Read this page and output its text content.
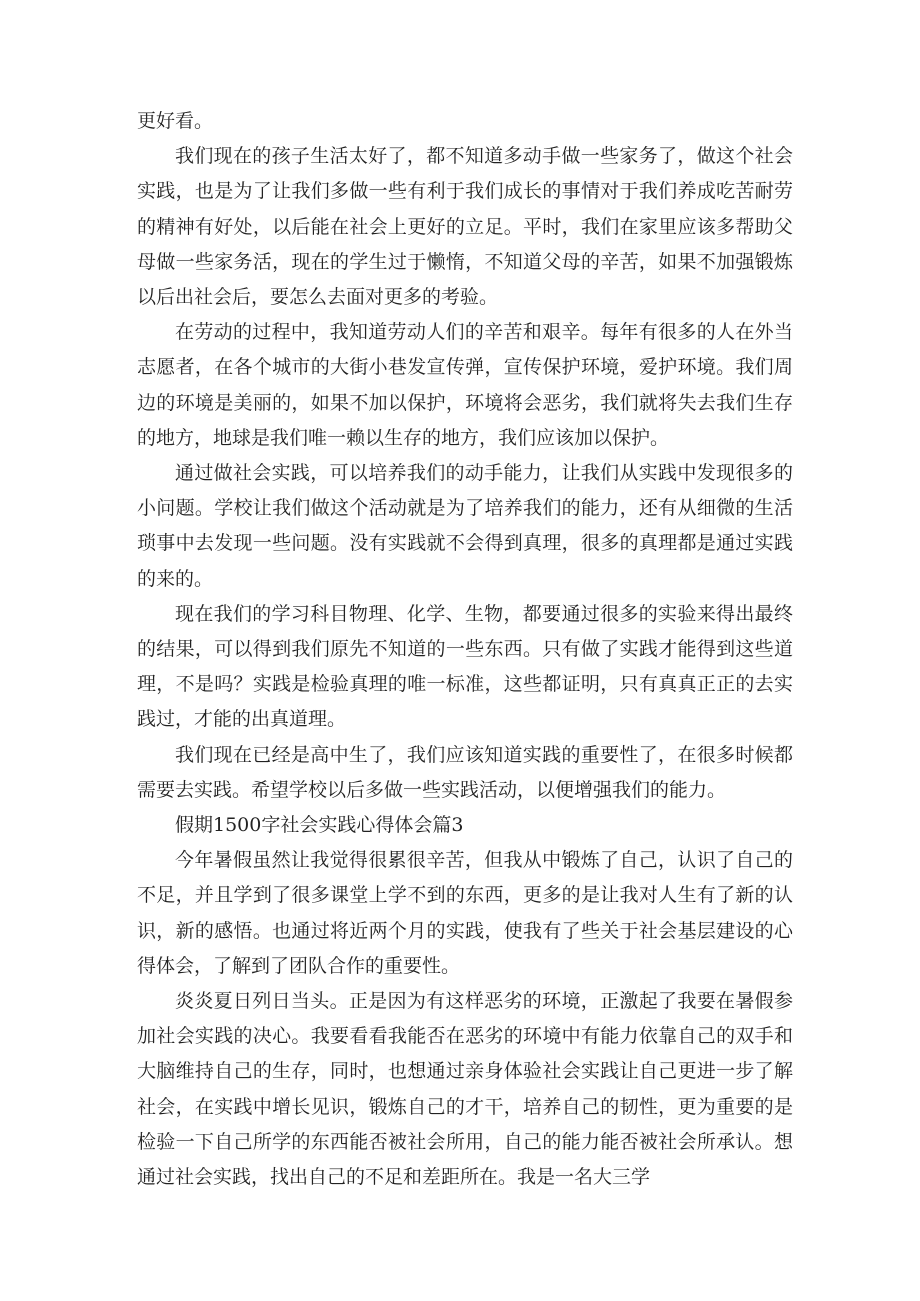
更好看。

我们现在的孩子生活太好了，都不知道多动手做一些家务了，做这个社会实践，也是为了让我们多做一些有利于我们成长的事情对于我们养成吃苦耐劳的精神有好处，以后能在社会上更好的立足。平时，我们在家里应该多帮助父母做一些家务活，现在的学生过于懒惰，不知道父母的辛苦，如果不加强锻炼以后出社会后，要怎么去面对更多的考验。

在劳动的过程中，我知道劳动人们的辛苦和艰辛。每年有很多的人在外当志愿者，在各个城市的大街小巷发宣传弹，宣传保护环境，爱护环境。我们周边的环境是美丽的，如果不加以保护，环境将会恶劣，我们就将失去我们生存的地方，地球是我们唯一赖以生存的地方，我们应该加以保护。

通过做社会实践，可以培养我们的动手能力，让我们从实践中发现很多的小问题。学校让我们做这个活动就是为了培养我们的能力，还有从细微的生活琐事中去发现一些问题。没有实践就不会得到真理，很多的真理都是通过实践的来的。

现在我们的学习科目物理、化学、生物，都要通过很多的实验来得出最终的结果，可以得到我们原先不知道的一些东西。只有做了实践才能得到这些道理，不是吗？实践是检验真理的唯一标准，这些都证明，只有真真正正的去实践过，才能的出真道理。

我们现在已经是高中生了，我们应该知道实践的重要性了，在很多时候都需要去实践。希望学校以后多做一些实践活动，以便增强我们的能力。

假期1500字社会实践心得体会篇3

今年暑假虽然让我觉得很累很辛苦，但我从中锻炼了自己，认识了自己的不足，并且学到了很多课堂上学不到的东西，更多的是让我对人生有了新的认识，新的感悟。也通过将近两个月的实践，使我有了些关于社会基层建设的心得体会，了解到了团队合作的重要性。

炎炎夏日列日当头。正是因为有这样恶劣的环境，正激起了我要在暑假参加社会实践的决心。我要看看我能否在恶劣的环境中有能力依靠自己的双手和大脑维持自己的生存，同时，也想通过亲身体验社会实践让自己更进一步了解社会，在实践中增长见识，锻炼自己的才干，培养自己的韧性，更为重要的是检验一下自己所学的东西能否被社会所用，自己的能力能否被社会所承认。想通过社会实践，找出自己的不足和差距所在。我是一名大三学
